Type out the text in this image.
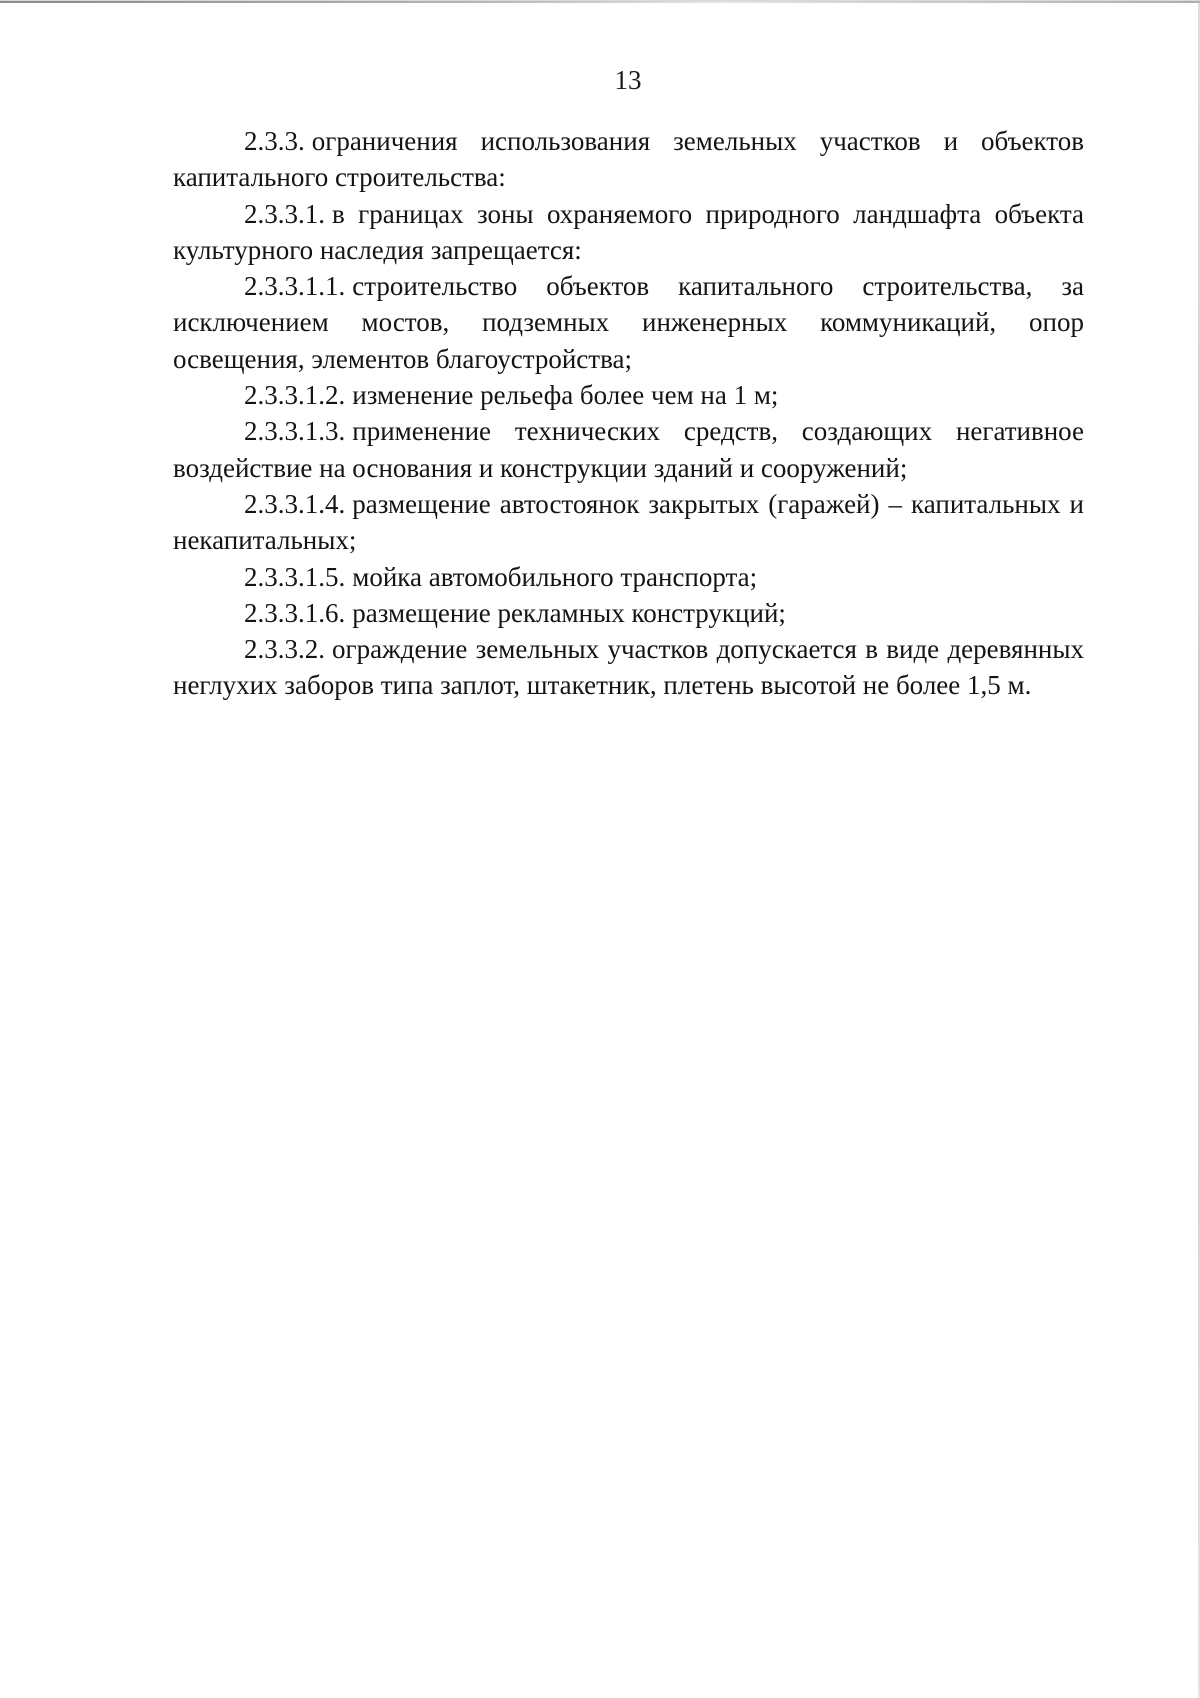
13

2.3.3. ограничения использования земельных участков и объектов капитального строительства:

2.3.3.1. в границах зоны охраняемого природного ландшафта объекта культурного наследия запрещается:

2.3.3.1.1. строительство объектов капитального строительства, за исключением мостов, подземных инженерных коммуникаций, опор освещения, элементов благоустройства;

2.3.3.1.2. изменение рельефа более чем на 1 м;

2.3.3.1.3. применение технических средств, создающих негативное воздействие на основания и конструкции зданий и сооружений;

2.3.3.1.4. размещение автостоянок закрытых (гаражей) – капитальных и некапитальных;

2.3.3.1.5. мойка автомобильного транспорта;

2.3.3.1.6. размещение рекламных конструкций;

2.3.3.2. ограждение земельных участков допускается в виде деревянных неглухих заборов типа заплот, штакетник, плетень высотой не более 1,5 м.
